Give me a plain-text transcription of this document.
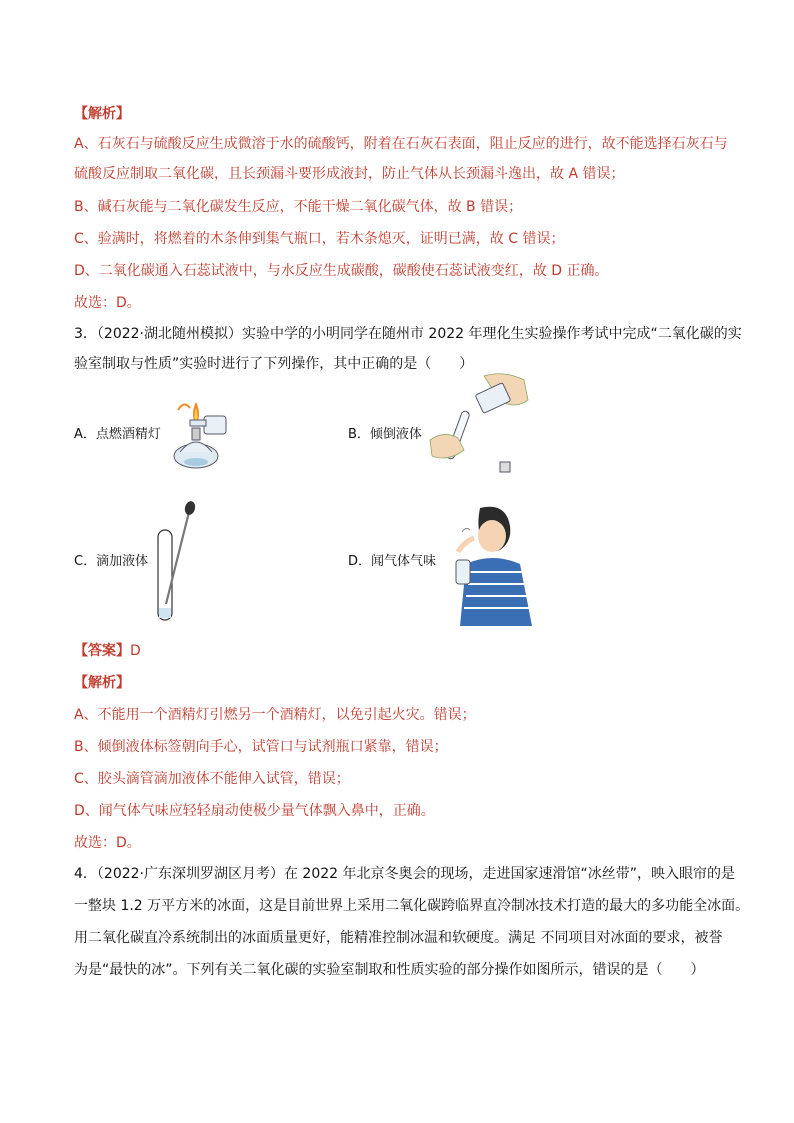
【解析】
A、石灰石与硫酸反应生成微溶于水的硫酸钙，附着在石灰石表面，阻止反应的进行，故不能选择石灰石与
硫酸反应制取二氧化碳，且长颈漏斗要形成液封，防止气体从长颈漏斗逸出，故 A 错误；
B、碱石灰能与二氧化碳发生反应，不能干燥二氧化碳气体，故 B 错误；
C、验满时，将燃着的木条伸到集气瓶口，若木条熄灭，证明已满，故 C 错误；
D、二氧化碳通入石蕊试液中，与水反应生成碳酸，碳酸使石蕊试液变红，故 D 正确。
故选：D。
3．（2022·湖北随州模拟）实验中学的小明同学在随州市 2022 年理化生实验操作考试中完成“二氧化碳的实
验室制取与性质”实验时进行了下列操作，其中正确的是（　　）
A．点燃酒精灯	B．倾倒液体
C．滴加液体	D．闻气体气味
【答案】D
【解析】
A、不能用一个酒精灯引燃另一个酒精灯，以免引起火灾。错误；
B、倾倒液体标签朝向手心，试管口与试剂瓶口紧靠，错误；
C、胶头滴管滴加液体不能伸入试管，错误；
D、闻气体气味应轻轻扇动使极少量气体飘入鼻中，正确。
故选：D。
4．（2022·广东深圳罗湖区月考）在 2022 年北京冬奥会的现场，走进国家速滑馆“冰丝带”，映入眼帘的是
一整块 1.2 万平方米的冰面，这是目前世界上采用二氧化碳跨临界直冷制冰技术打造的最大的多功能全冰面。
用二氧化碳直冷系统制出的冰面质量更好，能精准控制冰温和软硬度。满足 不同项目对冰面的要求，被誉
为是“最快的冰”。下列有关二氧化碳的实验室制取和性质实验的部分操作如图所示，错误的是（　　）
